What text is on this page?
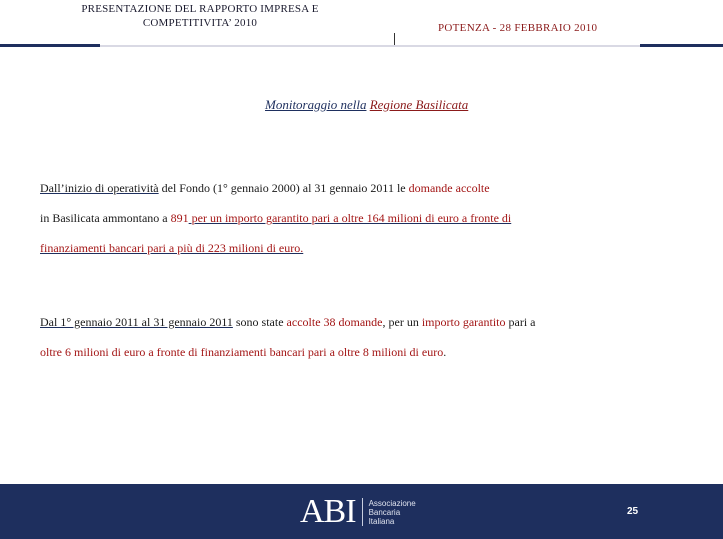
PRESENTAZIONE DEL RAPPORTO IMPRESA E
COMPETITIVITA’ 2010	POTENZA - 28 FEBBRAIO 2010
Monitoraggio nella Regione Basilicata
Dall’inizio di operatività del Fondo (1° gennaio 2000) al 31 gennaio 2011 le domande accolte
in Basilicata ammontano a 891 per un importo garantito pari a oltre 164 milioni di euro a fronte di
finanziamenti bancari pari a più di 223 milioni di euro.
Dal 1° gennaio 2011 al 31 gennaio 2011 sono state accolte 38 domande, per un importo garantito pari a
oltre 6 milioni di euro a fronte di finanziamenti bancari pari a oltre 8 milioni di euro.
ABI Associazione
Bancaria
Italiana
25
